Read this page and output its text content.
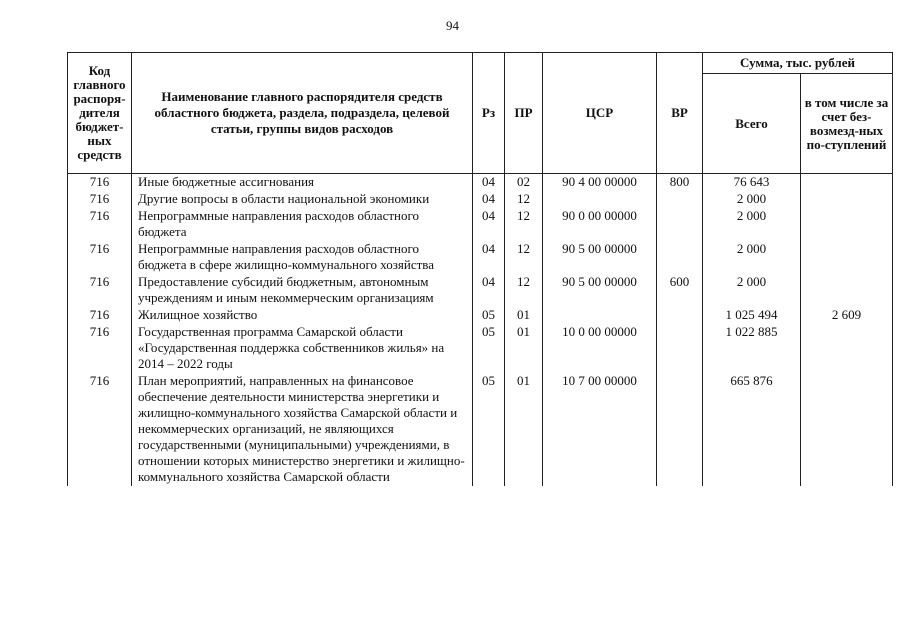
94
Код главного распоря-дителя бюджет-ных средств	Наименование главного распорядителя средств областного бюджета, раздела, подраздела, целевой статьи, группы видов расходов	Рз	ПР	ЦСР	ВР	Сумма, тыс. рублей	
						Всего	в том числе за счет без-возмезд-ных по-ступлений
716	Иные бюджетные ассигнования	04	02	90 4 00 00000	800	76 643	
716	Другие вопросы в области национальной экономики	04	12			2 000	
716	Непрограммные направления расходов областного бюджета	04	12	90 0 00 00000		2 000	
716	Непрограммные направления расходов областного бюджета в сфере жилищно-коммунального хозяйства	04	12	90 5 00 00000		2 000	
716	Предоставление субсидий бюджетным, автономным учреждениям и иным некоммерческим организациям	04	12	90 5 00 00000	600	2 000	
716	Жилищное хозяйство	05	01			1 025 494	2 609
716	Государственная программа Самарской области «Государственная поддержка собственников жилья» на 2014 – 2022 годы	05	01	10 0 00 00000		1 022 885	
716	План мероприятий, направленных на финансовое обеспечение деятельности министерства энергетики и жилищно-коммунального хозяйства Самарской области и некоммерческих организаций, не являющихся государственными (муниципальными) учреждениями, в отношении которых министерство энергетики и жилищно-коммунального хозяйства Самарской области	05	01	10 7 00 00000		665 876	
